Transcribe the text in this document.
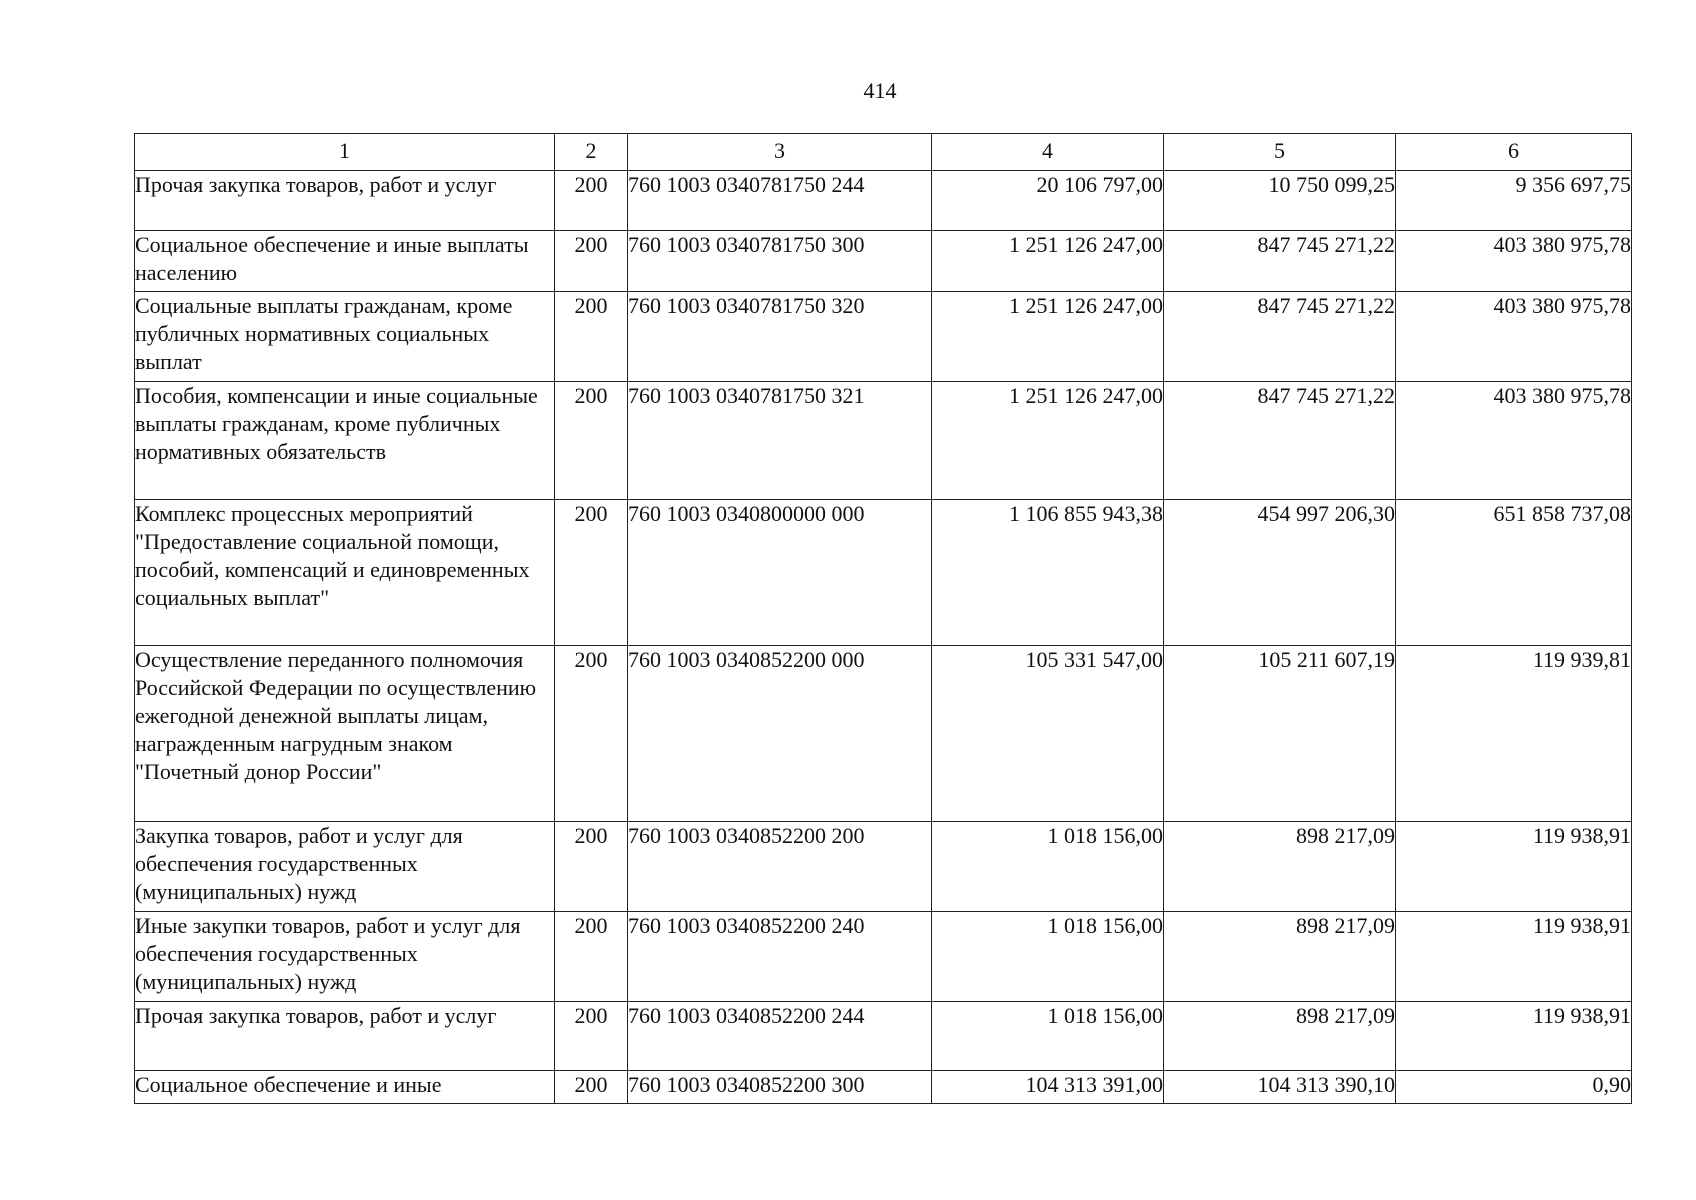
414
1	2	3	4	5	6
Прочая закупка товаров, работ и услуг	200	760 1003 0340781750 244	20 106 797,00	10 750 099,25	9 356 697,75
Социальное обеспечение и иные выплаты населению	200	760 1003 0340781750 300	1 251 126 247,00	847 745 271,22	403 380 975,78
Социальные выплаты гражданам, кроме публичных нормативных социальных выплат	200	760 1003 0340781750 320	1 251 126 247,00	847 745 271,22	403 380 975,78
Пособия, компенсации и иные социальные выплаты гражданам, кроме публичных нормативных обязательств	200	760 1003 0340781750 321	1 251 126 247,00	847 745 271,22	403 380 975,78
Комплекс процессных мероприятий "Предоставление социальной помощи, пособий, компенсаций и единовременных социальных выплат"	200	760 1003 0340800000 000	1 106 855 943,38	454 997 206,30	651 858 737,08
Осуществление переданного полномочия Российской Федерации по осуществлению ежегодной денежной выплаты лицам, награжденным нагрудным знаком "Почетный донор России"	200	760 1003 0340852200 000	105 331 547,00	105 211 607,19	119 939,81
Закупка товаров, работ и услуг для обеспечения государственных (муниципальных) нужд	200	760 1003 0340852200 200	1 018 156,00	898 217,09	119 938,91
Иные закупки товаров, работ и услуг для обеспечения государственных (муниципальных) нужд	200	760 1003 0340852200 240	1 018 156,00	898 217,09	119 938,91
Прочая закупка товаров, работ и услуг	200	760 1003 0340852200 244	1 018 156,00	898 217,09	119 938,91
Социальное обеспечение и иные	200	760 1003 0340852200 300	104 313 391,00	104 313 390,10	0,90
